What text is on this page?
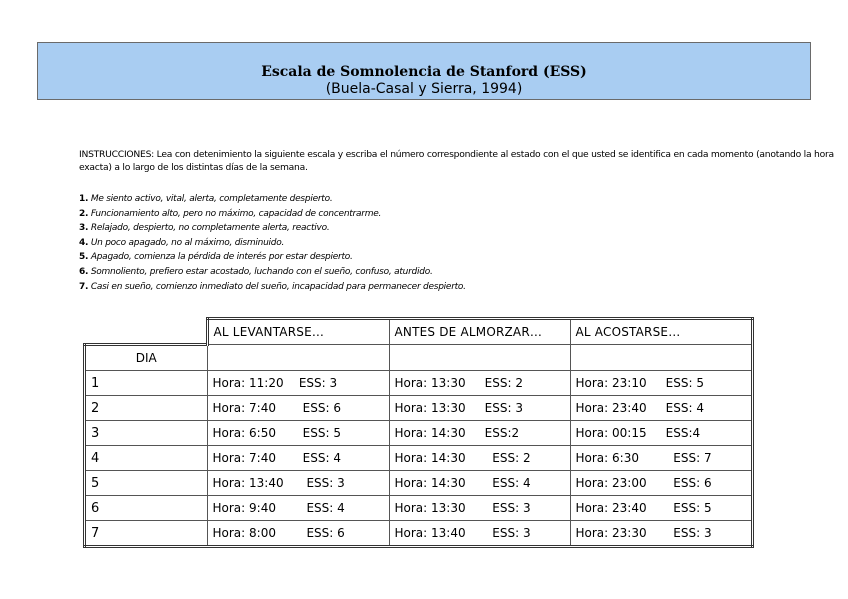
Escala de Somnolencia de Stanford (ESS)
(Buela-Casal y Sierra, 1994)
INSTRUCCIONES: Lea con detenimiento la siguiente escala y escriba el número correspondiente al estado con el que usted se identifica en cada momento (anotando la hora exacta) a lo largo de los distintas días de la semana.
1. Me siento activo, vital, alerta, completamente despierto.
2. Funcionamiento alto, pero no máximo, capacidad de concentrarme.
3. Relajado, despierto, no completamente alerta, reactivo.
4. Un poco apagado, no al máximo, disminuido.
5. Apagado, comienza la pérdida de interés por estar despierto.
6. Somnoliento, prefiero estar acostado, luchando con el sueño, confuso, aturdido.
7. Casi en sueño, comienzo inmediato del sueño, incapacidad para permanecer despierto.
	AL LEVANTARSE…	ANTES DE ALMORZAR…	AL ACOSTARSE…
DIA			
1	Hora: 11:20    ESS: 3	Hora: 13:30     ESS: 2	Hora: 23:10     ESS: 5
2	Hora: 7:40       ESS: 6	Hora: 13:30     ESS: 3	Hora: 23:40     ESS: 4
3	Hora: 6:50       ESS: 5	Hora: 14:30     ESS:2	Hora: 00:15     ESS:4
4	Hora: 7:40       ESS: 4	Hora: 14:30       ESS: 2	Hora: 6:30         ESS: 7
5	Hora: 13:40      ESS: 3	Hora: 14:30       ESS: 4	Hora: 23:00       ESS: 6
6	Hora: 9:40        ESS: 4	Hora: 13:30       ESS: 3	Hora: 23:40       ESS: 5
7	Hora: 8:00        ESS: 6	Hora: 13:40       ESS: 3	Hora: 23:30       ESS: 3
